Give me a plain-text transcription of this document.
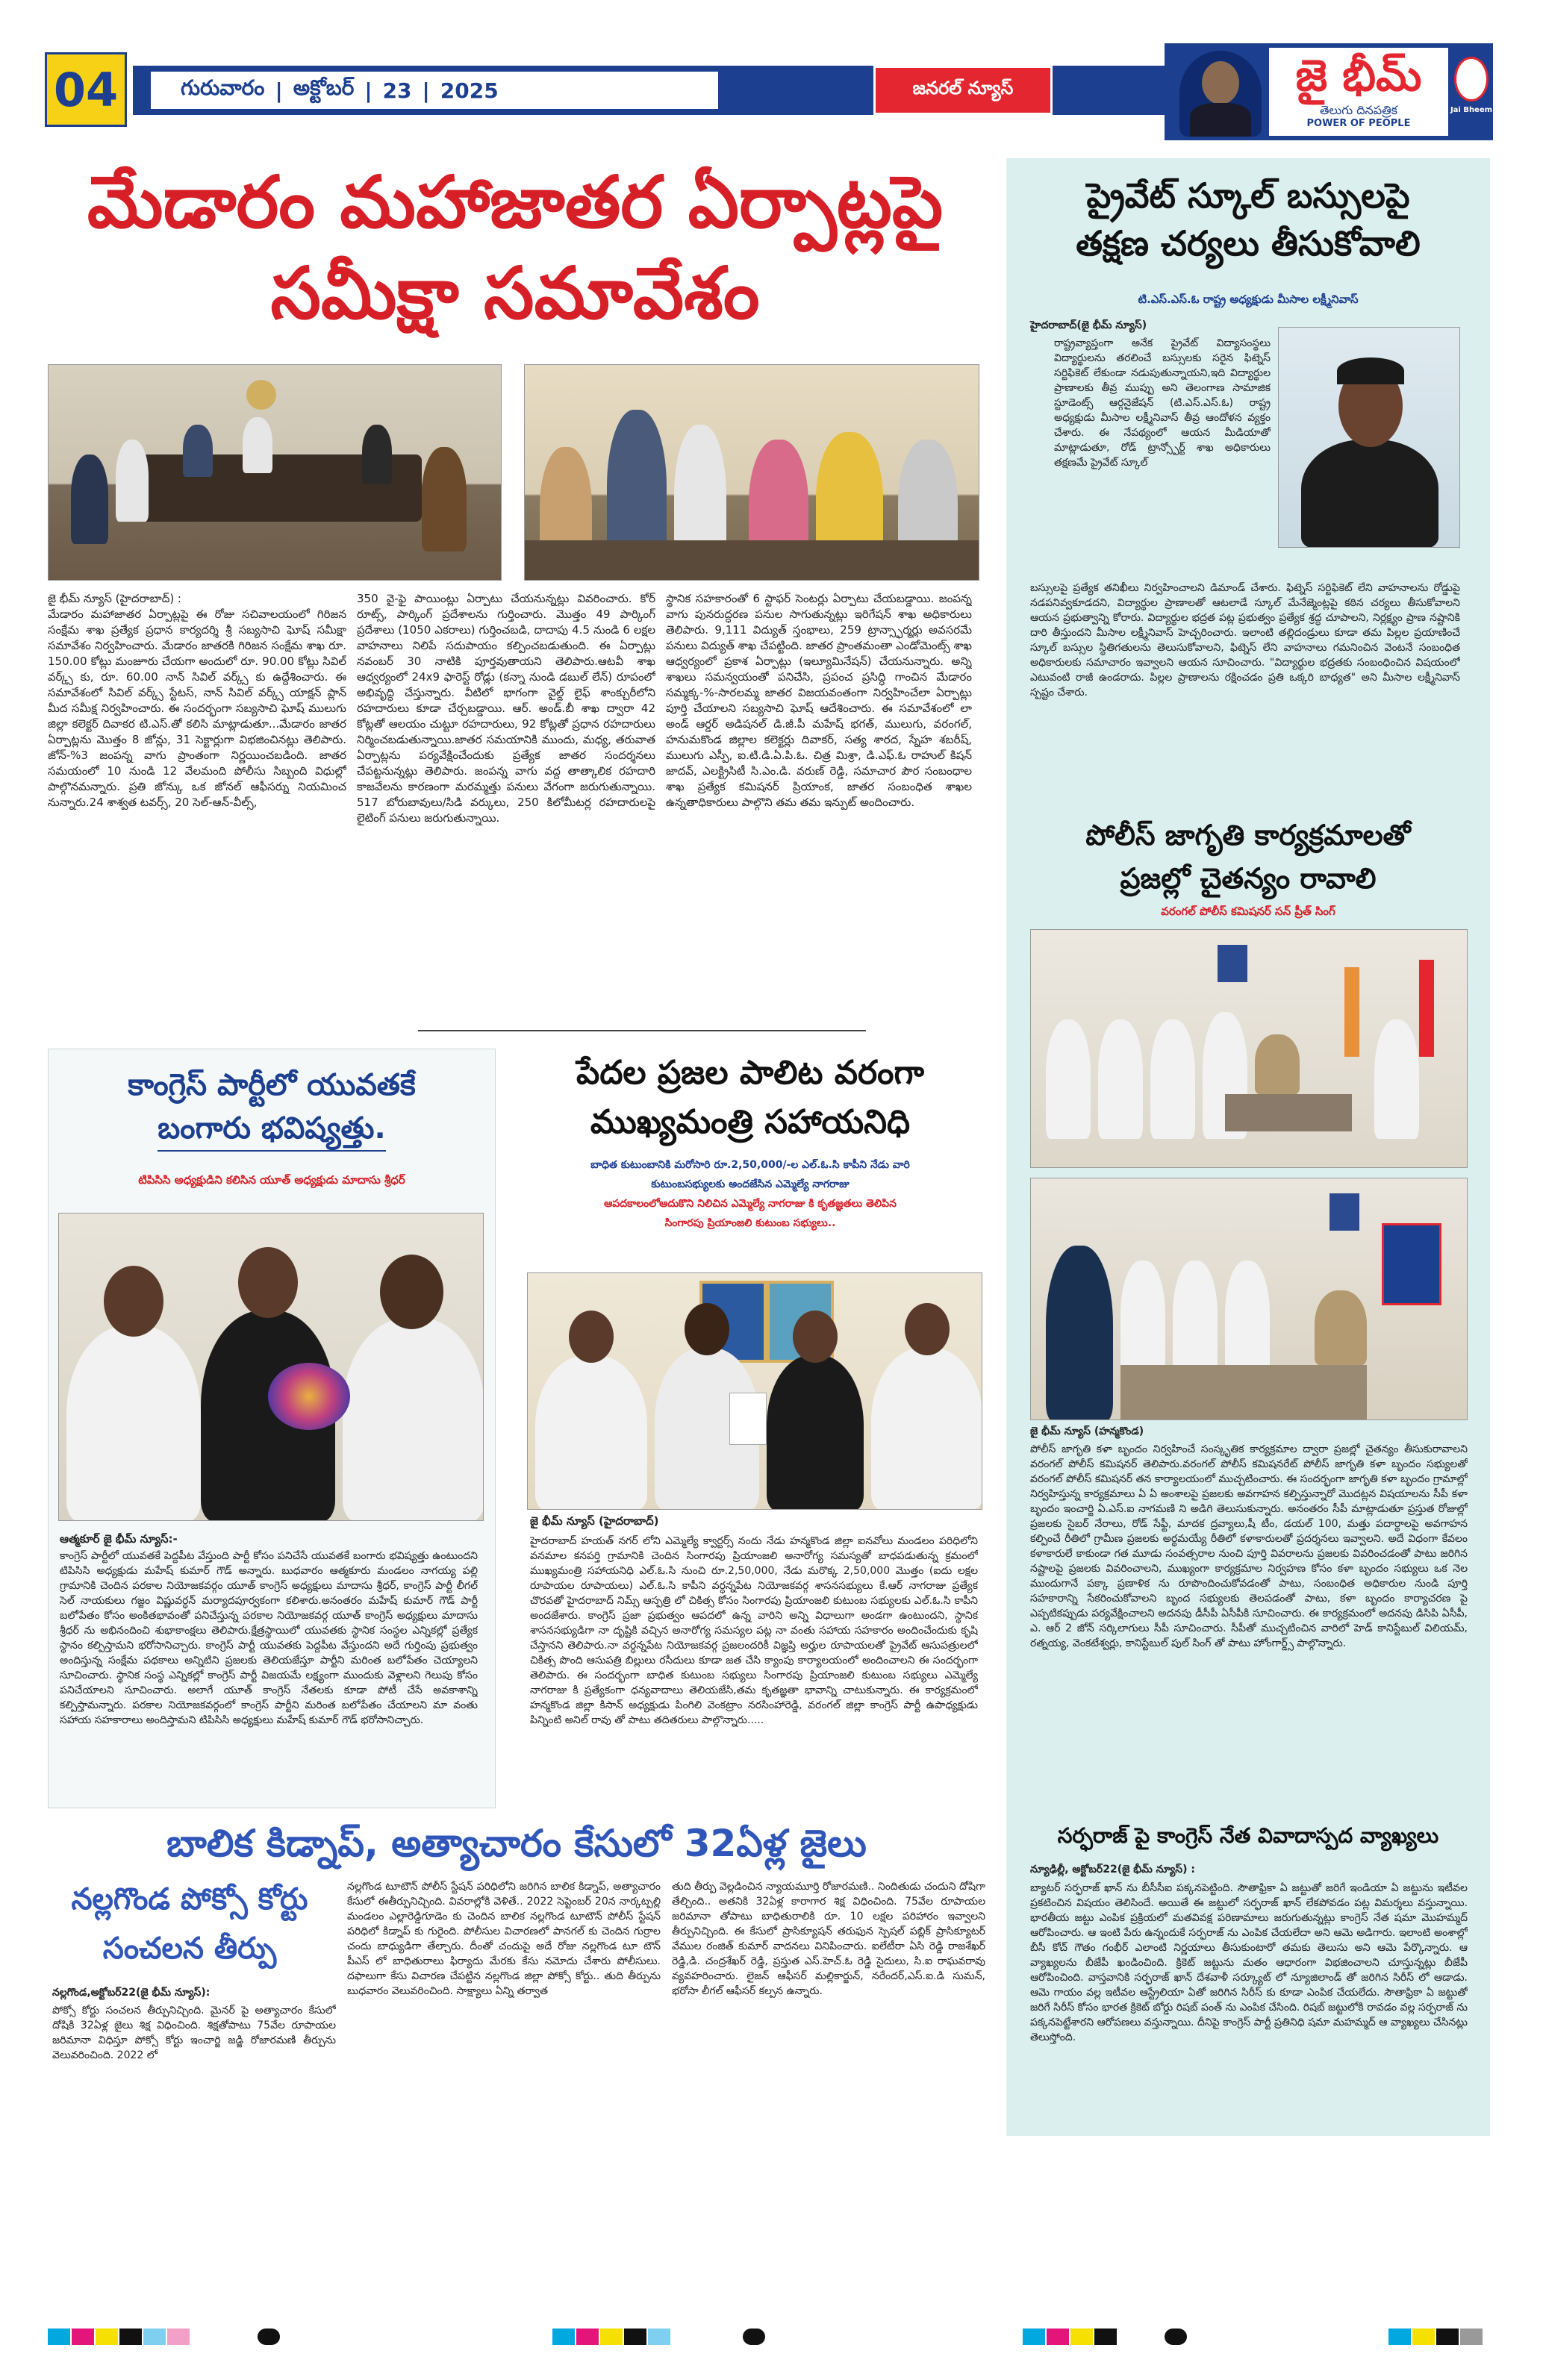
04	గురువారం | అక్టోబర్ | 23 | 2025	జనరల్ న్యూస్	జై భీమ్
తెలుగు దినపత్రిక
POWER OF PEOPLE
Jai Bheem
మేడారం మహాజాతర ఏర్పాట్లపై
సమీక్షా సమావేశం
జై భీమ్ న్యూస్ (హైదరాబాద్) :
మేడారం మహాజాతర ఏర్పాట్లపై ఈ రోజు సచివాలయంలో గిరిజన సంక్షేమ శాఖ ప్రత్యేక ప్రధాన కార్యదర్శి శ్రీ సబ్యసాచి ఘోష్ సమీక్షా సమావేశం నిర్వహించారు. మేడారం జాతరకి గిరిజన సంక్షేమ శాఖ రూ. 150.00 కోట్లు మంజూరు చేయగా అందులో రూ. 90.00 కోట్లు సివిల్ వర్క్స్ కు, రూ. 60.00 నాన్ సివిల్ వర్క్స్ కు ఉద్దేశించారు. ఈ సమావేశంలో సివిల్ వర్క్స్ స్టేటస్, నాన్ సివిల్ వర్క్స్ యాక్షన్ ప్లాన్ మీద సమీక్ష నిర్వహించారు. ఈ సందర్భంగా సబ్యసాచి ఘోష్ ములుగు జిల్లా కలెక్టర్ దివాకర టి.ఎస్.తో కలిసి మాట్లాడుతూ...మేడారం జాతర ఏర్పాట్లను మొత్తం 8 జోన్లు, 31 సెక్టార్లుగా విభజించినట్లు తెలిపారు. జోన్-%3 జంపన్న వాగు ప్రాంతంగా నిర్ణయించబడింది. జాతర సమయంలో 10 నుండి 12 వేలమంది పోలీసు సిబ్బంది విధుల్లో పాల్గొనమన్నారు. ప్రతి జోన్కు ఒక జోనల్ ఆఫీసర్ను నియమించ నున్నారు.24 శాశ్వత టవర్స్, 20 సెల్-ఆన్-వీల్స్,
350 వై-ఫై పాయింట్లు ఏర్పాటు చేయనున్నట్లు వివరించారు. కోర్ రూట్స్, పార్కింగ్ ప్రదేశాలను గుర్తించారు. మొత్తం 49 పార్కింగ్ ప్రదేశాలు (1050 ఎకరాలు) గుర్తించబడి, దాదాపు 4.5 నుండి 6 లక్షల వాహనాలు నిలిపే సదుపాయం కల్పించబడుతుంది. ఈ ఏర్పాట్లు నవంబర్ 30 నాటికి పూర్తవుతాయని తెలిపారు.ఆటవీ శాఖ ఆధ్వర్యంలో 24x9 ఫారెస్ట్ రోడ్లు (కన్నా నుండి డబుల్ లేన్) రూపంలో అభివృద్ధి చేస్తున్నారు. వీటిలో భాగంగా వైల్డ్ లైఫ్ శాంక్చురీలోని రహదారులు కూడా చేర్చబడ్డాయి. ఆర్. అండ్.బీ శాఖ ద్వారా 42 కోట్లతో ఆలయం చుట్టూ రహదారులు, 92 కోట్లతో ప్రధాన రహదారులు నిర్మించబడుతున్నాయి.జాతర సమయానికి ముందు, మధ్య, తరువాత ఏర్పాట్లను పర్యవేక్షించేందుకు ప్రత్యేక జాతర సందర్శనలు చేపట్టనున్నట్లు తెలిపారు. జంపన్న వాగు వద్ద తాత్కాలిక రహదారి కాజవేలను కారణంగా మరమ్మత్తు పనులు వేగంగా జరుగుతున్నాయి. 517 బోరుబావులు/సిడి వర్కులు, 250 కిలోమీటర్ల రహదారులపై లైటింగ్ పనులు జరుగుతున్నాయి.
స్థానిక సహకారంతో 6 స్టాఫర్ సెంటర్లు ఏర్పాటు చేయబడ్డాయి. జంపన్న వాగు పునరుద్ధరణ పనుల సాగుతున్నట్లు ఇరిగేషన్ శాఖ అధికారులు తెలిపారు. 9,111 విద్యుత్ స్తంభాలు, 259 ట్రాన్స్ఫార్మర్లు అవసరమే పనులు విద్యుత్ శాఖ చేపట్టింది. జాతర ప్రాంతమంతా ఎండోమెంట్స్ శాఖ ఆధ్వర్యంలో ప్రకాశ ఏర్పాట్లు (ఇల్యూమినేషన్) చేయనున్నారు. అన్ని శాఖలు సమన్వయంతో పనిచేసి, ప్రపంచ ప్రసిద్ధి గాంచిన మేడారం సమ్మక్క-%-సారలమ్మ జాతర విజయవంతంగా నిర్వహించేలా ఏర్పాట్లు పూర్తి చేయాలని సబ్యసాచి ఘోష్ ఆదేశించారు. ఈ సమావేశంలో లా అండ్ ఆర్డర్ అడిషనల్ డి.జీ.పీ మహేష్ భగత్, ములుగు, వరంగల్, హనుమకొండ జిల్లాల కలెక్టర్లు దివాకర్, సత్య శారద, స్నేహ శబరీష్, ములుగు ఎస్పీ, ఐ.టి.డి.ఏ.పి.ఓ. చిత్ర మిశ్రా, డి.ఎఫ్.ఓ రాహుల్ కిషన్ జాదవ్, ఎలక్ట్రిసిటీ సి.ఎం.డి. వరుణ్ రెడ్డి, సమాచార పౌర సంబంధాల శాఖ ప్రత్యేక కమిషనర్ ప్రియాంక, జాతర సంబంధిత శాఖల ఉన్నతాధికారులు పాల్గొని తమ తమ ఇన్పుట్ అందించారు.
కాంగ్రెస్ పార్టీలో యువతకే
బంగారు భవిష్యత్తు.
టిపిసిసి అధ్యక్షుడిని కలిసిన యూత్ అధ్యక్షుడు మాదాసు శ్రీధర్
ఆత్మకూర్ జై భీమ్ న్యూస్:-
కాంగ్రెస్ పార్టీలో యువతకే పెద్దపీట వేస్తుంది పార్టీ కోసం పనిచేసే యువతకే బంగారు భవిష్యత్తు ఉంటుందని టిపిసిసి అధ్యక్షుడు మహేష్ కుమార్ గౌడ్ అన్నారు. బుధవారం ఆత్మకూరు మండలం నాగయ్య పల్లి గ్రామానికి చెందిన పరకాల నియోజకవర్గం యూత్ కాంగ్రెస్ అధ్యక్షులు మాదాసు శ్రీధర్, కాంగ్రెస్ పార్టీ లీగల్ సెల్ నాయకులు గజ్జం విష్ణువర్ధన్ మర్యాదపూర్వకంగా కలిశారు.అనంతరం మహేష్ కుమార్ గౌడ్ పార్టీ బలోపేతం కోసం అంకితభావంతో పనిచేస్తున్న పరకాల నియోజకవర్గ యూత్ కాంగ్రెస్ అధ్యక్షులు మాదాసు శ్రీధర్ ను అభినందించి శుభాకాంక్షలు తెలిపారు.క్షేత్రస్థాయిలో యువతకు స్థానిక సంస్థల ఎన్నికల్లో ప్రత్యేక స్థానం కల్పిస్తామని భరోసానిచ్చారు. కాంగ్రెస్ పార్టీ యువతకు పెద్దపీట వేస్తుందని అదే గుర్తింపు ప్రభుత్వం అందిస్తున్న సంక్షేమ పథకాలు అన్నిటిని ప్రజలకు తెలియజేస్తూ పార్టీని మరింత బలోపేతం చెయ్యాలని సూచించారు. స్థానిక సంస్థ ఎన్నికల్లో కాంగ్రెస్ పార్టీ విజయమే లక్ష్యంగా ముందుకు వెళ్లాలని గెలుపు కోసం పనిచేయాలని సూచించారు. అలాగే యూత్ కాంగ్రెస్ నేతలకు కూడా పోటీ చేసే అవకాశాన్ని కల్పిస్తామన్నారు. పరకాల నియోజకవర్గంలో కాంగ్రెస్ పార్టీని మరింత బలోపేతం చేయాలని మా వంతు సహాయ సహకారాలు అందిస్తామని టిపిసిసి అధ్యక్షులు మహేష్ కుమార్ గౌడ్ భరోసానిచ్చారు.
పేదల ప్రజల పాలిట వరంగా
ముఖ్యమంత్రి సహాయనిధి
బాధిత కుటుంబానికి మరోసారి రూ.2,50,000/-ల ఎల్.ఓ.సి కాపీని నేడు వారి
కుటుంబసభ్యులకు అందజేసిన ఎమ్మెల్యే నాగరాజు
ఆపదకాలంలోఆదుకొని నిలిచిన ఎమ్మెల్యే నాగరాజు కి కృతజ్ఞతలు తెలిపిన
సింగారపు ప్రియాంజలి కుటుంబ సభ్యులు..
జై భీమ్ న్యూస్ (హైదరాబాద్)
హైదరాబాద్ హయత్ నగర్ లోని ఎమ్మెల్యే క్వార్టర్స్ నందు నేడు హన్మకొండ జిల్లా ఐనవోలు మండలం పరిధిలోని వనమాల కనపర్తి గ్రామానికి చెందిన సింగారపు ప్రియాంజలి అనారోగ్య సమస్యతో బాధపడుతున్న క్రమంలో ముఖ్యమంత్రి సహాయనిధి ఎల్.ఓ.సి నుంచి రూ.2,50,000, నేడు మరొక్క 2,50,000 మొత్తం (ఐదు లక్షల రూపాయల రూపాయలు) ఎల్.ఓ.సి కాపీని వర్ధన్నపేట నియోజకవర్గ శాసనసభ్యులు కే.ఆర్ నాగరాజు ప్రత్యేక చొరవతో హైదరాబాద్ నిమ్స్ ఆస్పత్రి లో చికిత్స కోసం సింగారపు ప్రియాంజలి కుటుంబ సభ్యులకు ఎల్.ఓ.సి కాపీని అందజేశారు. కాంగ్రెస్ ప్రజా ప్రభుత్వం ఆపదలో ఉన్న వారిని అన్ని విధాలుగా అండగా ఉంటుందని, స్థానిక శాసనసభ్యుడిగా నా దృష్టికి వచ్చిన అనారోగ్య సమస్యల పట్ల నా వంతు సహాయ సహకారం అందించేందుకు కృషి చేస్తానని తెలిపారు.నా వర్ధన్నపేట నియోజకవర్గ ప్రజలందరికీ విజ్ఞప్తి అర్హుల రూపాయలతో ప్రైవేట్ ఆసుపత్రులలో చికిత్స పొంది ఆసుపత్రి బిల్లులు రసీదులు కూడా జత చేసి క్యాంపు కార్యాలయంలో అందించాలని ఈ సందర్భంగా తెలిపారు. ఈ సందర్భంగా బాధిత కుటుంబ సభ్యులు సింగారపు ప్రియాంజలి కుటుంబ సభ్యులు ఎమ్మెల్యే నాగరాజు కి ప్రత్యేకంగా ధన్యవాదాలు తెలియజేసి,తమ కృతజ్ఞతా భావాన్ని చాటుకున్నారు. ఈ కార్యక్రమంలో హన్మకొండ జిల్లా కిసాన్ అధ్యక్షుడు పింగిలి వెంకట్రాం నరసింహారెడ్డి, వరంగల్ జిల్లా కాంగ్రెస్ పార్టీ ఉపాధ్యక్షుడు పిన్నింటి అనిల్ రావు తో పాటు తదితరులు పాల్గొన్నారు.....
బాలిక కిడ్నాప్, అత్యాచారం కేసులో 32ఏళ్ల జైలు
నల్లగొండ పోక్సో కోర్టు
సంచలన తీర్పు
నల్లగొండ,అక్టోబర్22(జై భీమ్ న్యూస్):
పోక్సో కోర్టు సంచలన తీర్పునిచ్చింది. మైనర్ పై అత్యాచారం కేసులో దోషికి 32ఏళ్ల జైలు శిక్ష విధించింది. శిక్షతోపాటు 75వేల రూపాయల జరిమానా విధిస్తూ పోక్సో కోర్టు ఇంచార్జి జడ్జి రోజారమణి తీర్పును వెలువరించింది. 2022 లో
నల్లగొండ టూటౌన్ పోలీస్ స్టేషన్ పరిధిలోని జరిగిన బాలిక కిడ్నాప్, అత్యాచారం కేసులో ఈతీర్పునిచ్చింది. వివరాల్లోకి వెళితే.. 2022 సెప్టెంబర్ 20న నార్కట్పల్లి మండలం ఎల్లారెడ్డిగూడెం కు చెందిన బాలిక నల్లగొండ టూటౌన్ పోలీస్ స్టేషన్ పరిధిలో కిడ్నాప్ కు గురైంది. పోలీసుల విచారణలో పానగల్ కు చెందిన గుర్రాల చందు బాధ్యుడిగా తేల్చారు. దీంతో చందుపై అదే రోజు నల్లగొండ టూ టౌన్ పీఎస్ లో బాధితురాలు ఫిర్యాదు మేరకు కేసు నమోదు చేశారు పోలీసులు. దఫాలుగా కేసు విచారణ చేపట్టిన నల్లగొండ జిల్లా పోక్సో కోర్టు.. తుది తీర్పును బుధవారం వెలువరించింది. సాక్ష్యాలు ఏన్ని తర్వాత
తుది తీర్పు వెల్లడించిన న్యాయమూర్తి రోజారమణి.. నిందితుడు చందుని దోషిగా తేల్చింది.. అతనికి 32ఏళ్ల కారాగార శిక్ష విధించింది. 75వేల రూపాయల జరిమానా తోపాటు బాధితురాలికి రూ. 10 లక్షల పరిహారం ఇవ్వాలని తీర్పునిచ్చింది. ఈ కేసులో ప్రాసిక్యూషన్ తరుఫున స్పెషల్ పబ్లిక్ ప్రాసిక్యూటర్ వేముల రంజిత్ కుమార్ వాదనలు వినిపించారు. ఐలేటీరా ఏసి రెడ్డి రాజశేఖర్ రెడ్డి,డి. చంద్రశేఖర్ రెడ్డి, ప్రస్తుత ఎస్.హెచ్.ఓ రెడ్డి సైదులు, సి.ఐ రాఘవరావు వ్యవహరించారు. లైజన్ ఆఫీసర్ మల్లికార్జున్, నరేందర్,ఎస్.ఐ.డి సుమన్, భరోసా లీగల్ ఆఫీసర్ కల్పన ఉన్నారు.
ప్రైవేట్ స్కూల్ బస్సులపై
తక్షణ చర్యలు తీసుకోవాలి
టి.ఎస్.ఎస్.ఓ రాష్ట్ర అధ్యక్షుడు మీసాల లక్ష్మీనివాస్
హైదరాబాద్(జై భీమ్ న్యూస్)
రాష్ట్రవ్యాప్తంగా అనేక ప్రైవేట్ విద్యాసంస్థలు విద్యార్థులను తరలించే బస్సులకు సరైన ఫిట్నెస్ సర్టిఫికెట్ లేకుండా నడుపుతున్నాయని,ఇది విద్యార్థుల ప్రాణాలకు తీవ్ర ముప్పు అని తెలంగాణ సామాజిక స్టూడెంట్స్ ఆర్గనైజేషన్ (టి.ఎస్.ఎస్.ఓ) రాష్ట్ర అధ్యక్షుడు మీసాల లక్ష్మీనివాస్ తీవ్ర ఆందోళన వ్యక్తం చేశారు. ఈ నేపథ్యంలో ఆయన మీడియాతో మాట్లాడుతూ, రోడ్ ట్రాన్స్పోర్ట్ శాఖ అధికారులు తక్షణమే ప్రైవేట్ స్కూల్
బస్సులపై ప్రత్యేక తనిఖీలు నిర్వహించాలని డిమాండ్ చేశారు. ఫిట్నెస్ సర్టిఫికెట్ లేని వాహనాలను రోడ్డుపై నడపనివ్వకూడదని, విద్యార్థుల ప్రాణాలతో ఆటలాడే స్కూల్ మేనేజ్మెంట్లపై కఠిన చర్యలు తీసుకోవాలని ఆయన ప్రభుత్వాన్ని కోరారు. విద్యార్థుల భద్రత పట్ల ప్రభుత్వం ప్రత్యేక శ్రద్ధ చూపాలని, నిర్లక్ష్యం ప్రాణ నష్టానికి దారి తీస్తుందని మీసాల లక్ష్మీనివాస్ హెచ్చరించారు. ఇలాంటి తల్లిదండ్రులు కూడా తమ పిల్లల ప్రయాణించే స్కూల్ బస్సుల స్థితిగతులను తెలుసుకోవాలని, ఫిట్నెస్ లేని వాహనాలు గమనించిన వెంటనే సంబంధిత అధికారులకు సమాచారం ఇవ్వాలని ఆయన సూచించారు. "విద్యార్థుల భద్రతకు సంబంధించిన విషయంలో ఎటువంటి రాజీ ఉండరాదు. పిల్లల ప్రాణాలను రక్షించడం ప్రతి ఒక్కరి బాధ్యత" అని మీసాల లక్ష్మీనివాస్ స్పష్టం చేశారు.
పోలీస్ జాగృతి కార్యక్రమాలతో
ప్రజల్లో చైతన్యం రావాలి
వరంగల్ పోలీస్ కమిషనర్ సన్ ప్రీత్ సింగ్
జై భీమ్ న్యూస్ (హన్మకొండ)
పోలీస్ జాగృతి కళా బృందం నిర్వహించే సంస్కృతిక కార్యక్రమాల ద్వారా ప్రజల్లో చైతన్యం తీసుకురావాలని వరంగల్ పోలీస్ కమిషనర్ తెలిపారు.వరంగల్ పోలీస్ కమిషనరేట్ పోలీస్ జాగృతి కళా బృందం సభ్యులతో వరంగల్ పోలీస్ కమిషనర్ తన కార్యాలయంలో ముచ్చటించారు. ఈ సందర్భంగా జాగృతి కళా బృందం గ్రామాల్లో నిర్వహిస్తున్న కార్యక్రమాలు ఏ ఏ అంశాలపై ప్రజలకు అవగాహన కల్పిస్తున్నారో మొదట్లన విషయాలను సీపీ కళా బృందం ఇంచార్జి ఏ.ఎస్.ఐ నాగమణి ని అడిగి తెలుసుకున్నారు. అనంతరం సీపీ మాట్లాడుతూ ప్రస్తుత రోజుల్లో ప్రజలకు సైబర్ నేరాలు, రోడ్ సేఫ్టీ, మాదక ద్రవ్యాలు,షీ టీం, డయల్ 100, మత్తు పదార్థాలపై అవగాహన కల్పించే రీతిలో గ్రామీణ ప్రజలకు అర్థమయ్యే రీతిలో కళాకారులతో ప్రదర్శనలు ఇవ్వాలని. అదే విధంగా కేవలం కళాకారులే కాకుండా గత మూడు సంవత్సరాల నుంచి పూర్తి వివరాలను ప్రజలకు వివరించడంతో పాటు జరిగిన నష్టాలపై ప్రజలకు వివరించాలని, ముఖ్యంగా కార్యక్రమాల నిర్వహణ కోసం కళా బృందం సభ్యులు ఒక నెల ముందుగానే పక్కా ప్రణాళిక ను రూపొందించుకోవడంతో పాటు, సంబంధిత అధికారుల నుండి పూర్తి సహకారాన్ని సేకరించుకోవాలని బృంద సభ్యులకు తెలపడంతో పాటు, కళా బృందం కార్యాచరణ పై ఎప్పటికప్పుడు పర్యవేక్షించాలని అదనపు డీసీపీ ఏసీపీకి సూచించారు. ఈ కార్యక్రమంలో అదనపు డిసిపి ఏసీపీ, ఎ. ఆర్ 2 జోన్ సర్కిలాగులు సీపీ సూచించారు. సీపీతో ముచ్చటించిన వారిలో హెడ్ కానిస్టేబుల్ విలియమ్, రత్నయ్య, వెంకటేశ్వర్లు, కానిస్టేబుల్ పుల్ సింగ్ తో పాటు హోంగార్డ్స్ పాల్గొన్నారు.
సర్ఫరాజ్ పై కాంగ్రెస్ నేత వివాదాస్పద వ్యాఖ్యలు
న్యూఢిల్లీ, అక్టోబర్22(జై భీమ్ న్యూస్) :
బ్యాటర్ సర్ఫరాజ్ ఖాన్ ను బీసీసీఐ పక్కనపెట్టింది. సౌతాఫ్రికా ఏ జట్టుతో జరిగే ఇండియా ఏ జట్టును ఇటీవల ప్రకటించిన విషయం తెలిసిందే. అయితే ఈ జట్టులో సర్ఫరాజ్ ఖాన్ లేకపోవడం పట్ల విమర్శలు వస్తున్నాయి. భారతీయ జట్టు ఎంపిక ప్రక్రియలో మతవివక్ష పరిణామాలు జరుగుతున్నట్లు కాంగ్రెస్ నేత షమా మొహమ్మద్ ఆరోపించారు. ఆ ఇంటి పేరు ఉన్నందుకే సర్ఫరాజ్ ను ఎంపిక చేయలేదా అని ఆమె అడిగారు. ఇలాంటి అంశాల్లో బీసీ కోచ్ గౌతం గంభీర్ ఎలాంటి నిర్ణయాలు తీసుకుంటారో తమకు తెలుసు అని ఆమె పేర్కొన్నారు. ఆ వ్యాఖ్యలను బీజేపీ ఖండించింది. క్రికెట్ జట్టును మతం ఆధారంగా విభజించాలని చూస్తున్నట్లు బీజేపీ ఆరోపించింది. వాస్తవానికి సర్ఫరాజ్ ఖాన్ దేశవాళీ సర్క్యూట్ లో న్యూజిలాండ్ తో జరిగిన సిరీస్ లో ఆడాడు. ఆమె గాయం వల్ల ఇటీవల ఆస్ట్రేలియా ఏతో జరిగిన సిరీస్ కు కూడా ఎంపిక చేయలేదు. సౌతాఫ్రికా ఏ జట్టుతో జరిగే సిరీస్ కోసం భారత క్రికెట్ బోర్డు రిషబ్ పంత్ ను ఎంపిక చేసింది. రిషబ్ జట్టులోకి రావడం వల్ల సర్ఫరాజ్ ను పక్కనపెట్టేశారని ఆరోపణలు వస్తున్నాయి. దీనిపై కాంగ్రెస్ పార్టీ ప్రతినిధి షమా మహమ్మద్ ఆ వ్యాఖ్యలు చేసినట్లు తెలుస్తోంది.
